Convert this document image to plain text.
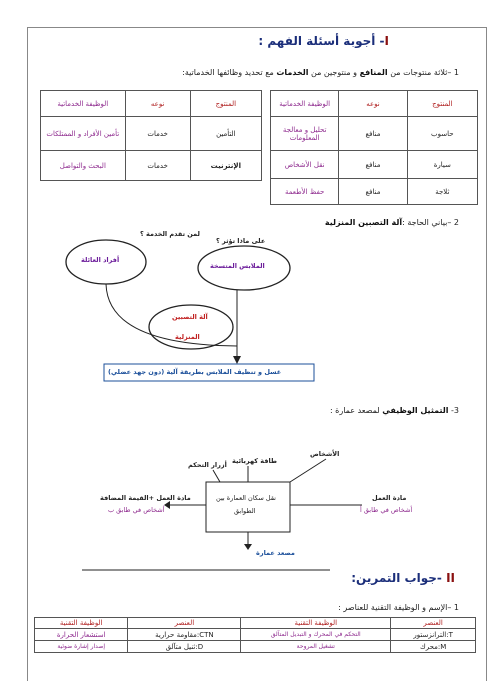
I- أجوبة أسئلة الفهم :
1 –ثلاثة منتوجات من المنافع و منتوجين من الخدمات مع تحديد وظائفها الخدماتية:
المنتوج	نوعه	الوظيفة الخدماتية
حاسوب	منافع	تحليل و معالجة المعلومات
سيارة	منافع	نقل الأشخاص
ثلاجة	منافع	حفظ الأطعمة
المنتوج	نوعه	الوظيفة الخدماتية
التأمين	خدمات	تأمين الأفراد و الممتلكات
الإنترنيت	خدمات	البحث والتواصل
2 –بياني الحاجة :آلة التصبين المنزلية
لمن تقدم الخدمة ؟
على ماذا تؤثر ؟
أفراد العائلة
الملابس المتسخة
آلة التصبين
المنزلية
غسل و تنظيف الملابس بطريقة آلية (دون جهد عضلي)
3- التمثيل الوظيفي لمصعد عمارة :
الأشخاص
طاقة كهربائية
أزرار التحكم
نقل سكان العمارة بين
الطوابق
مادة العمل
أشخاص في طابق أ
مادة العمل +القيمة المضافة
أشخاص في طابق ب
مصعد عمارة
II -جواب التمرين:
1 –الإسم و الوظيفة التقنية للعناصر :
العنصر	الوظيفة التقنية	العنصر	الوظيفة التقنية
T:الترانزستور	التحكم في المحرك و التبديل المتآلق	CTN:مقاومة حرارية	استشعار الحرارة
M:محرك	تشغيل المروحة	D:ثنيل متآلق	إصدار إشارة ضوئية
